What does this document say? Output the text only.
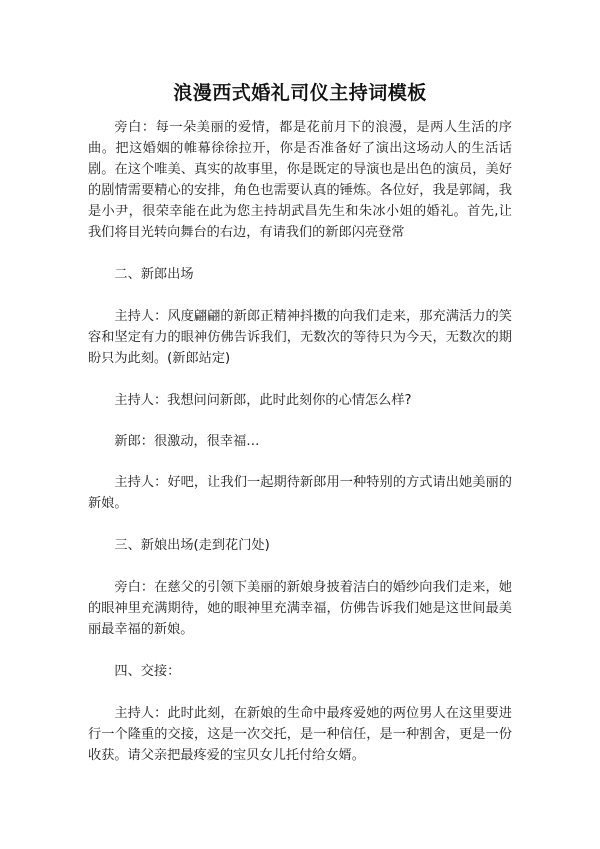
浪漫西式婚礼司仪主持词模板

旁白：每一朵美丽的爱情，都是花前月下的浪漫，是两人生活的序曲。把这婚姻的帷幕徐徐拉开，你是否准备好了演出这场动人的生活话剧。在这个唯美、真实的故事里，你是既定的导演也是出色的演员，美好的剧情需要精心的安排，角色也需要认真的锤炼。各位好，我是郭阔，我是小尹，很荣幸能在此为您主持胡武昌先生和朱冰小姐的婚礼。首先,让我们将目光转向舞台的右边，有请我们的新郎闪亮登常

二、新郎出场

主持人：风度翩翩的新郎正精神抖擞的向我们走来，那充满活力的笑容和坚定有力的眼神仿佛告诉我们，无数次的等待只为今天，无数次的期盼只为此刻。(新郎站定)

主持人：我想问问新郎，此时此刻你的心情怎么样?

新郎：很激动，很幸福…

主持人：好吧，让我们一起期待新郎用一种特别的方式请出她美丽的新娘。

三、新娘出场(走到花门处)

旁白：在慈父的引领下美丽的新娘身披着洁白的婚纱向我们走来，她的眼神里充满期待，她的眼神里充满幸福，仿佛告诉我们她是这世间最美丽最幸福的新娘。

四、交接：

主持人：此时此刻，在新娘的生命中最疼爱她的两位男人在这里要进行一个隆重的交接，这是一次交托，是一种信任，是一种割舍，更是一份收获。请父亲把最疼爱的宝贝女儿托付给女婿。
